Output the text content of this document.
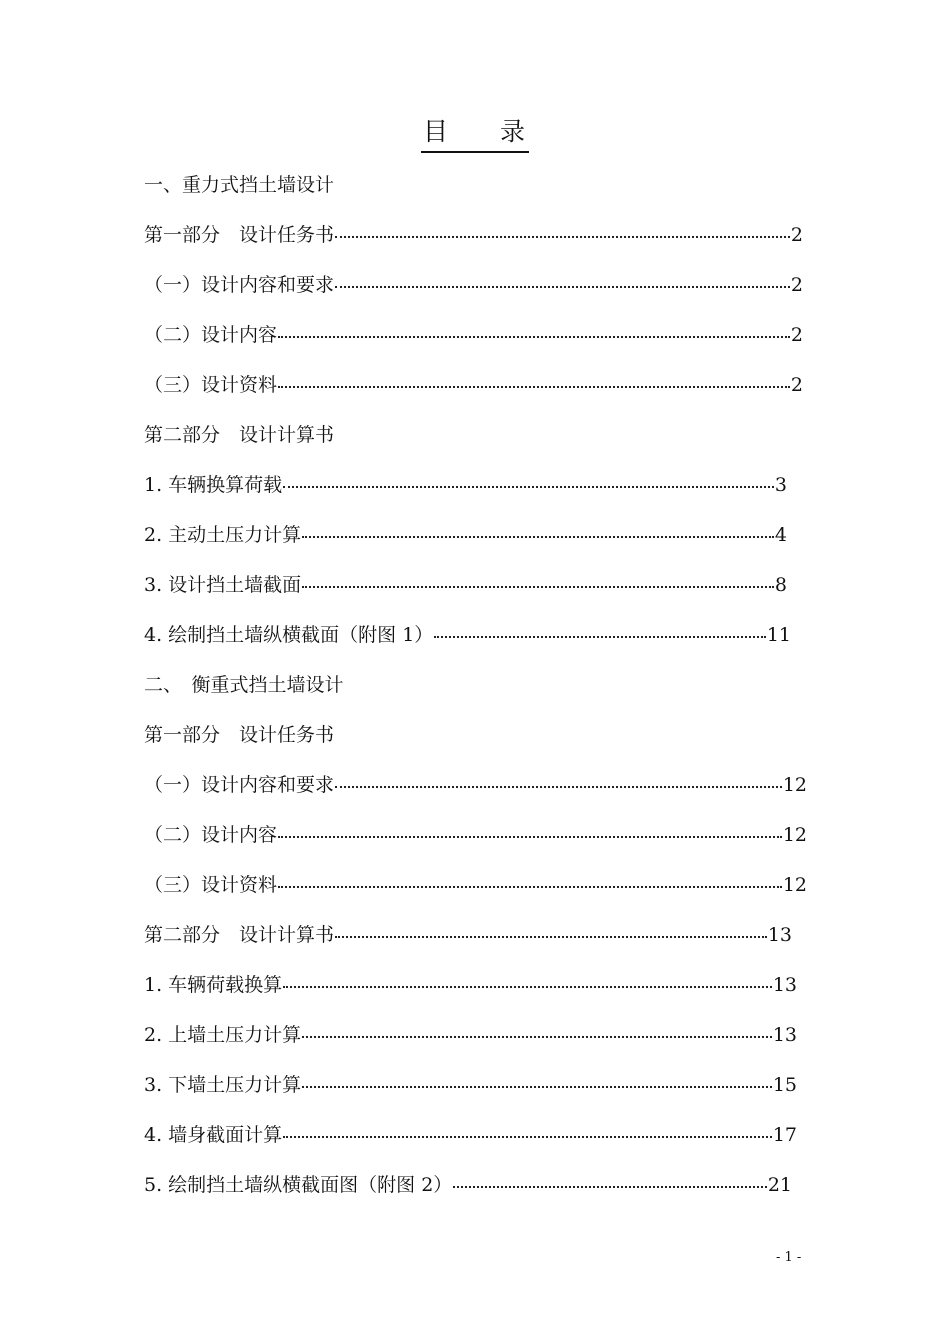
目 录
一、重力式挡土墙设计
第一部分　设计任务书	2
（一）设计内容和要求	2
（二）设计内容	2
（三）设计资料	2
第二部分　设计计算书
1. 车辆换算荷载	3
2. 主动土压力计算	4
3. 设计挡土墙截面	8
4. 绘制挡土墙纵横截面（附图 1）	11
二、　衡重式挡土墙设计
第一部分　设计任务书
（一）设计内容和要求	12
（二）设计内容	12
（三）设计资料	12
第二部分　设计计算书	13
1. 车辆荷载换算	13
2. 上墙土压力计算	13
3. 下墙土压力计算	15
4. 墙身截面计算	17
5. 绘制挡土墙纵横截面图（附图 2）	21
- 1 -
